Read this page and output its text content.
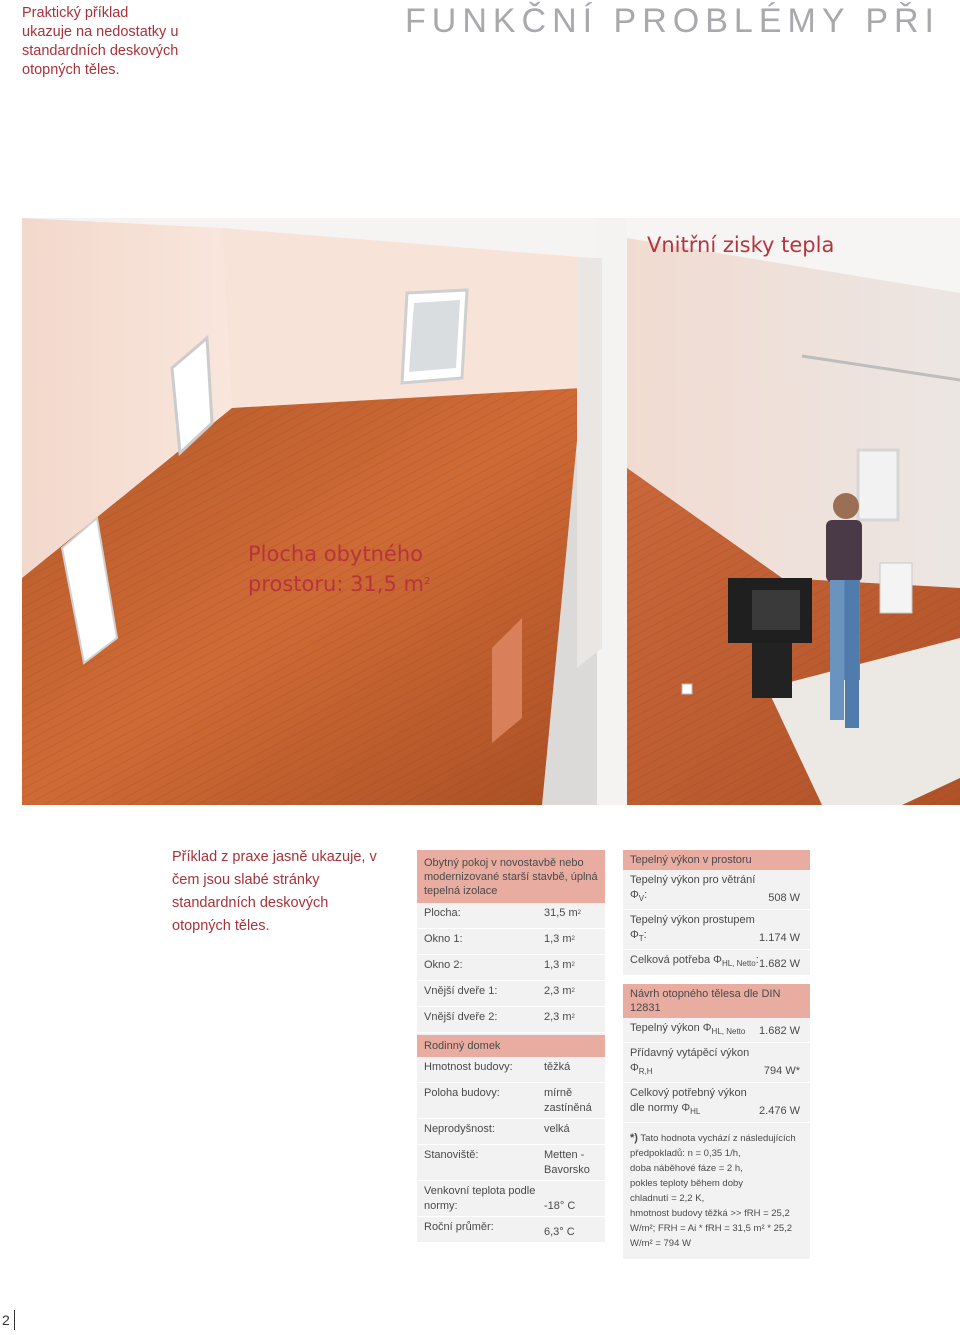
Praktický příklad ukazuje na nedostatky u standardních deskových otopných těles.
FUNKČNÍ PROBLÉMY PŘI
Vnitřní zisky tepla
Plocha obytného
prostoru: 31,5 $m^2$
Příklad z praxe jasně ukazuje, v čem jsou slabé stránky standardních deskových otopných těles.
Obytný pokoj v novostavbě nebo modernizované starší stavbě, úplná tepelná izolace
Plocha:	31,5 $m^2$
Okno 1:	1,3 $m^2$
Okno 2:	1,3 $m^2$
Vnější dveře 1:	2,3 $m^2$
Vnější dveře 2:	2,3 $m^2$
Rodinný domek
Hmotnost budovy:	těžká
Poloha budovy:	mírně zastíněná
Neprodyšnost:	velká
Stanoviště:	Metten - Bavorsko
Venkovní teplota podle normy:	-18° C
Roční průměr:	6,3° C
Tepelný výkon v prostoru
Tepelný výkon pro větrání $\Phi_V$:	508 W
Tepelný výkon prostupem $\Phi_T$:	1.174 W
Celková potřeba $\Phi_{HL, Netto}$: 1.682 W
Návrh otopného tělesa dle DIN 12831
Tepelný výkon $\Phi_{HL, Netto}$ 1.682 W
Přídavný vytápěcí výkon $\Phi_{R,H}$	794 W*
Celkový potřebný výkon dle normy $\Phi_{HL}$	2.476 W
*) Tato hodnota vychází z následujících
předpokladů: n = 0,35 1/h,
doba náběhové fáze = 2 h,
pokles teploty během doby
chladnutí = 2,2 K,
hmotnost budovy těžká >> fRH = 25,2
W/m²; FRH = Ai * fRH = 31,5 m² * 25,2
W/m² = 794 W

2
